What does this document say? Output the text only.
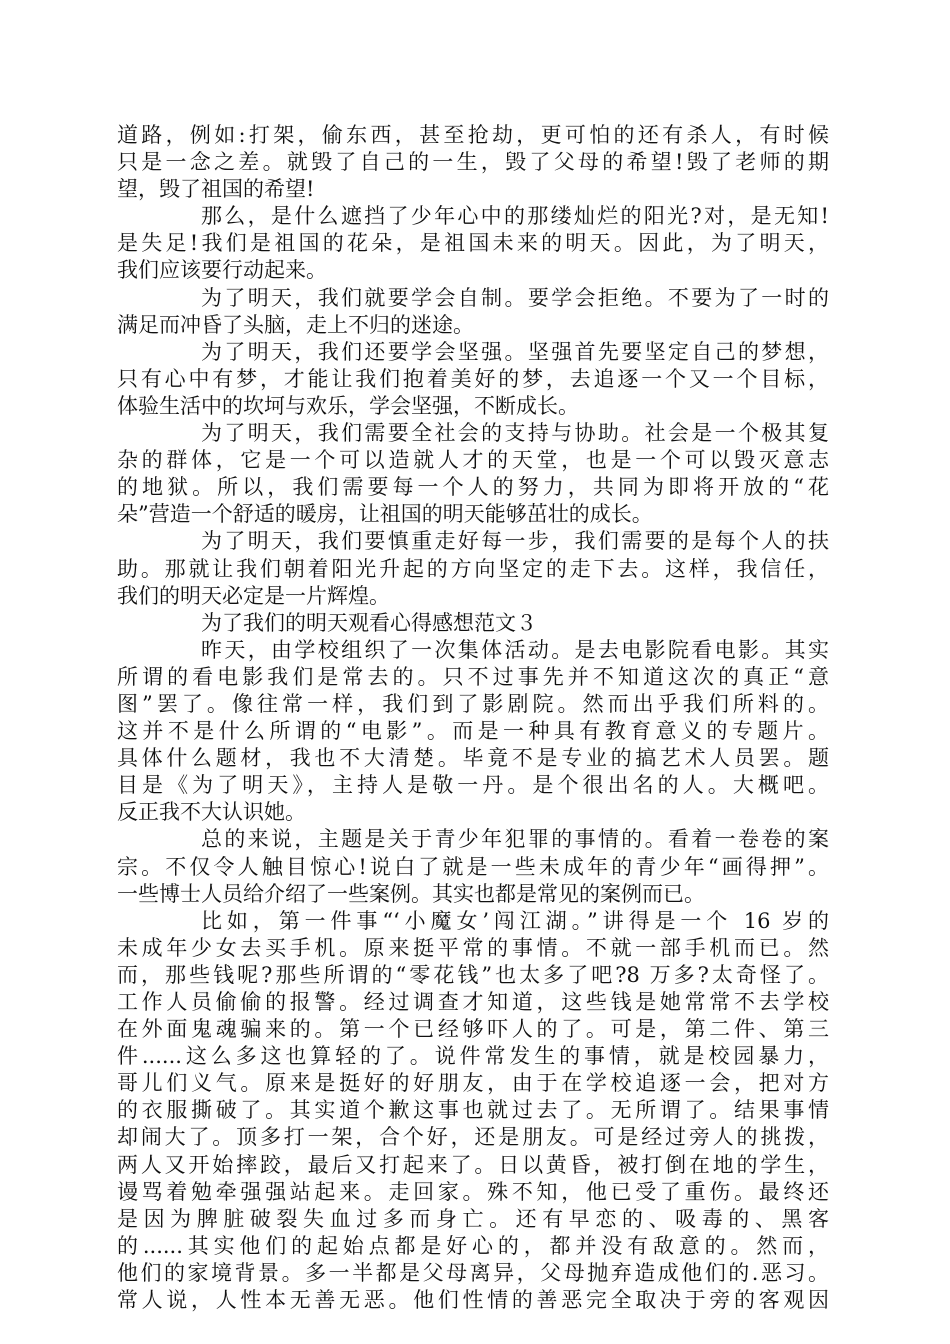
道路，例如:打架，偷东西，甚至抢劫，更可怕的还有杀人，有时候
只是一念之差。就毁了自己的一生，毁了父母的希望!毁了老师的期
望，毁了祖国的希望!
那么，是什么遮挡了少年心中的那缕灿烂的阳光?对，是无知!
是失足!我们是祖国的花朵，是祖国未来的明天。因此，为了明天，
我们应该要行动起来。
为了明天，我们就要学会自制。要学会拒绝。不要为了一时的
满足而冲昏了头脑，走上不归的迷途。
为了明天，我们还要学会坚强。坚强首先要坚定自己的梦想，
只有心中有梦，才能让我们抱着美好的梦，去追逐一个又一个目标，
体验生活中的坎坷与欢乐，学会坚强，不断成长。
为了明天，我们需要全社会的支持与协助。社会是一个极其复
杂的群体，它是一个可以造就人才的天堂，也是一个可以毁灭意志
的地狱。所以，我们需要每一个人的努力，共同为即将开放的“花
朵”营造一个舒适的暖房，让祖国的明天能够茁壮的成长。
为了明天，我们要慎重走好每一步，我们需要的是每个人的扶
助。那就让我们朝着阳光升起的方向坚定的走下去。这样，我信任，
我们的明天必定是一片辉煌。
为了我们的明天观看心得感想范文３
昨天，由学校组织了一次集体活动。是去电影院看电影。其实
所谓的看电影我们是常去的。只不过事先并不知道这次的真正“意
图”罢了。像往常一样，我们到了影剧院。然而出乎我们所料的。
这并不是什么所谓的“电影”。而是一种具有教育意义的专题片。
具体什么题材，我也不大清楚。毕竟不是专业的搞艺术人员罢。题
目是《为了明天》，主持人是敬一丹。是个很出名的人。大概吧。
反正我不大认识她。
总的来说，主题是关于青少年犯罪的事情的。看着一卷卷的案
宗。不仅令人触目惊心!说白了就是一些未成年的青少年“画得押”。
一些博士人员给介绍了一些案例。其实也都是常见的案例而已。
比如，第一件事“‘小魔女’闯江湖。”讲得是一个 16 岁的
未成年少女去买手机。原来挺平常的事情。不就一部手机而已。然
而，那些钱呢?那些所谓的“零花钱”也太多了吧?8 万多?太奇怪了。
工作人员偷偷的报警。经过调查才知道，这些钱是她常常不去学校
在外面鬼魂骗来的。第一个已经够吓人的了。可是，第二件、第三
件......这么多这也算轻的了。说件常发生的事情，就是校园暴力，
哥儿们义气。原来是挺好的好朋友，由于在学校追逐一会，把对方
的衣服撕破了。其实道个歉这事也就过去了。无所谓了。结果事情
却闹大了。顶多打一架，合个好，还是朋友。可是经过旁人的挑拨，
两人又开始摔跤，最后又打起来了。日以黄昏，被打倒在地的学生，
谩骂着勉牵强强站起来。走回家。殊不知，他已受了重伤。最终还
是因为脾脏破裂失血过多而身亡。还有早恋的、吸毒的、黑客
的......其实他们的起始点都是好心的，都并没有敌意的。然而，
他们的家境背景。多一半都是父母离异，父母抛弃造成他们的.恶习。
常人说，人性本无善无恶。他们性情的善恶完全取决于旁的客观因
